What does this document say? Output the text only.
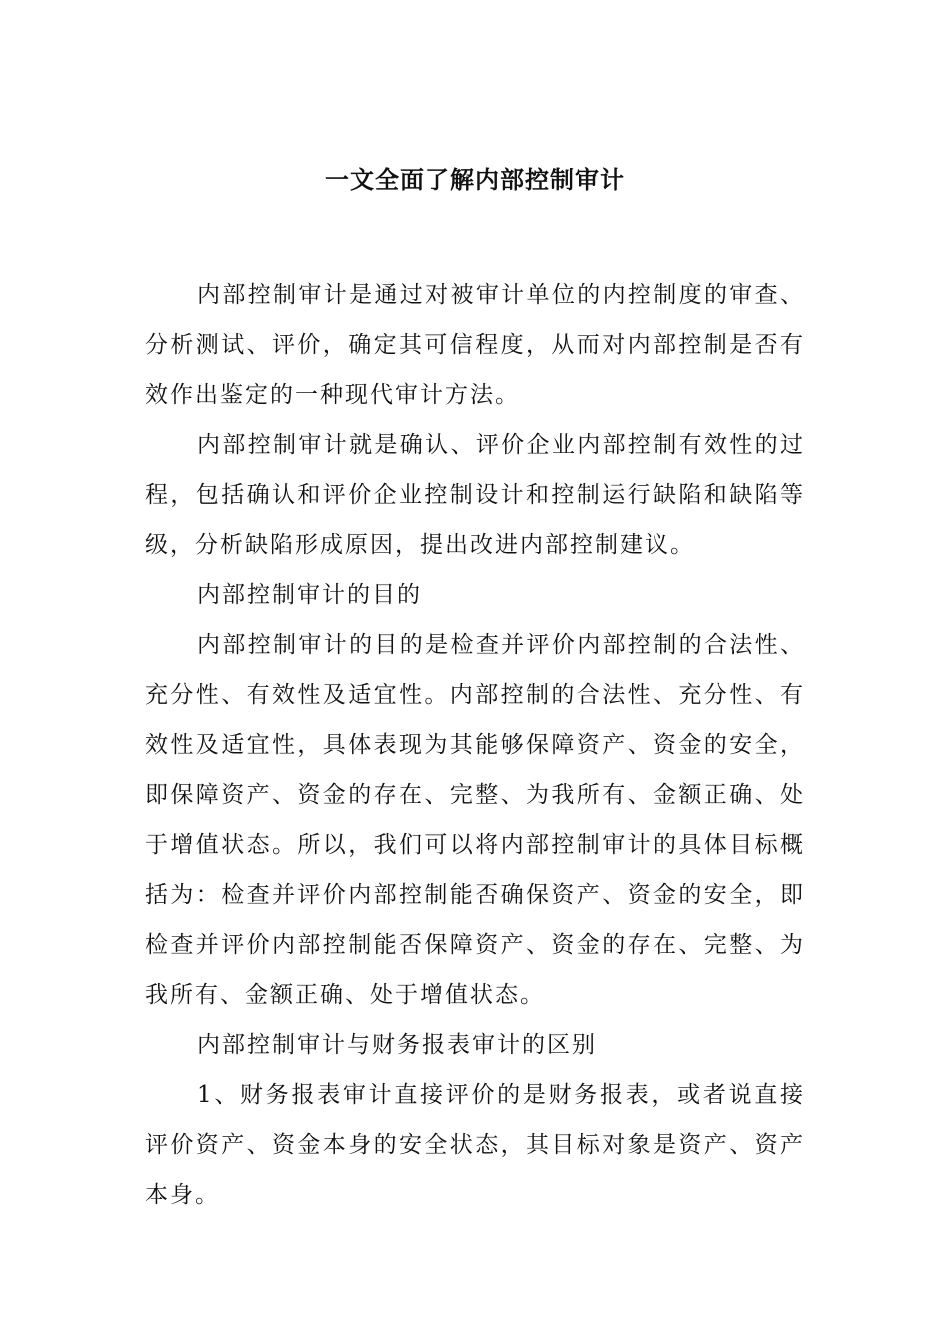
一文全面了解内部控制审计

内部控制审计是通过对被审计单位的内控制度的审查、分析测试、评价，确定其可信程度，从而对内部控制是否有效作出鉴定的一种现代审计方法。

内部控制审计就是确认、评价企业内部控制有效性的过程，包括确认和评价企业控制设计和控制运行缺陷和缺陷等级，分析缺陷形成原因，提出改进内部控制建议。

内部控制审计的目的

内部控制审计的目的是检查并评价内部控制的合法性、充分性、有效性及适宜性。内部控制的合法性、充分性、有效性及适宜性，具体表现为其能够保障资产、资金的安全，即保障资产、资金的存在、完整、为我所有、金额正确、处于增值状态。所以，我们可以将内部控制审计的具体目标概括为：检查并评价内部控制能否确保资产、资金的安全，即检查并评价内部控制能否保障资产、资金的存在、完整、为我所有、金额正确、处于增值状态。

内部控制审计与财务报表审计的区别

1、财务报表审计直接评价的是财务报表，或者说直接评价资产、资金本身的安全状态，其目标对象是资产、资产本身。
